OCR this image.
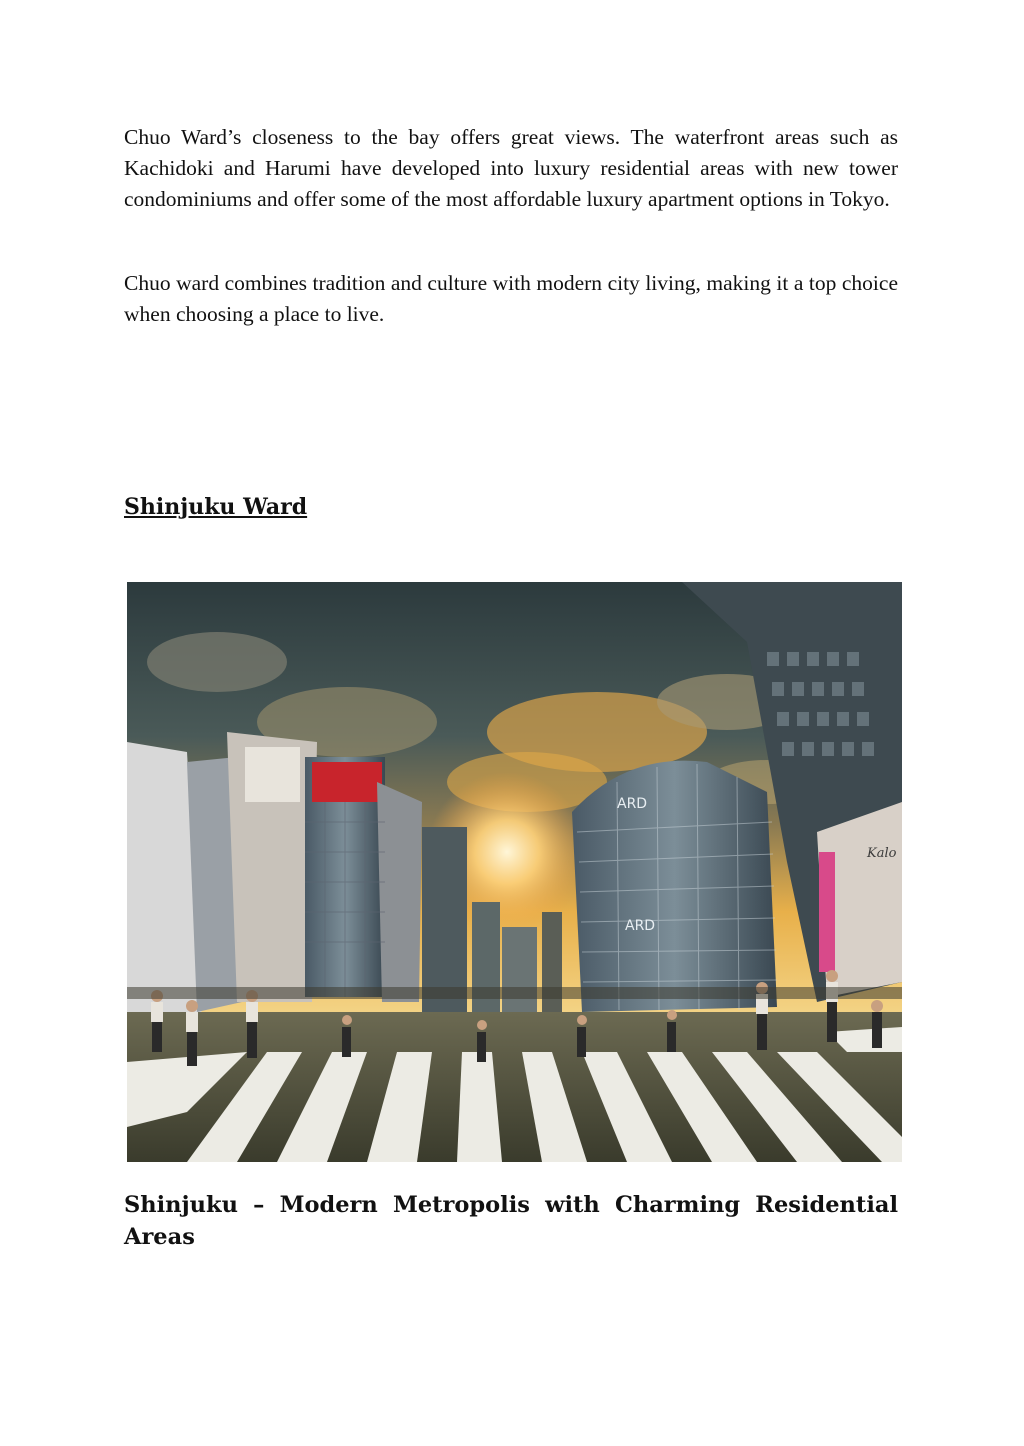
Chuo Ward’s closeness to the bay offers great views. The waterfront areas such as Kachidoki and Harumi have developed into luxury residential areas with new tower condominiums and offer some of the most affordable luxury apartment options in Tokyo.

Chuo ward combines tradition and culture with modern city living, making it a top choice when choosing a place to live.

Shinjuku Ward
ARD
ARD
Kalo

Shinjuku – Modern Metropolis with Charming Residential Areas
